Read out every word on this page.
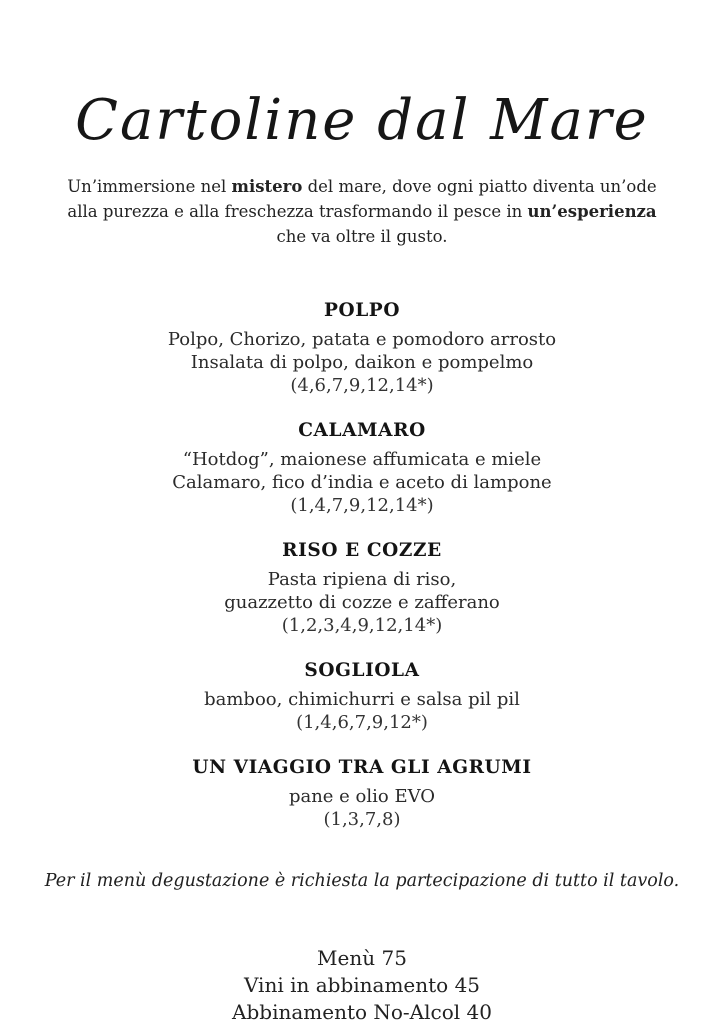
Cartoline dal Mare

Un’immersione nel mistero del mare, dove ogni piatto diventa un’ode alla purezza e alla freschezza trasformando il pesce in un’esperienza che va oltre il gusto.

POLPO

Polpo, Chorizo, patata e pomodoro arrosto

Insalata di polpo, daikon e pompelmo

(4,6,7,9,12,14*)

CALAMARO

“Hotdog”, maionese affumicata e miele

Calamaro, fico d’india e aceto di lampone

(1,4,7,9,12,14*)

RISO E COZZE

Pasta ripiena di riso,

guazzetto di cozze e zafferano

(1,2,3,4,9,12,14*)

SOGLIOLA

bamboo, chimichurri e salsa pil pil

(1,4,6,7,9,12*)

UN VIAGGIO TRA GLI AGRUMI

pane e olio EVO

(1,3,7,8)

Per il menù degustazione è richiesta la partecipazione di tutto il tavolo.

Menù 75

Vini in abbinamento 45

Abbinamento No-Alcol 40
